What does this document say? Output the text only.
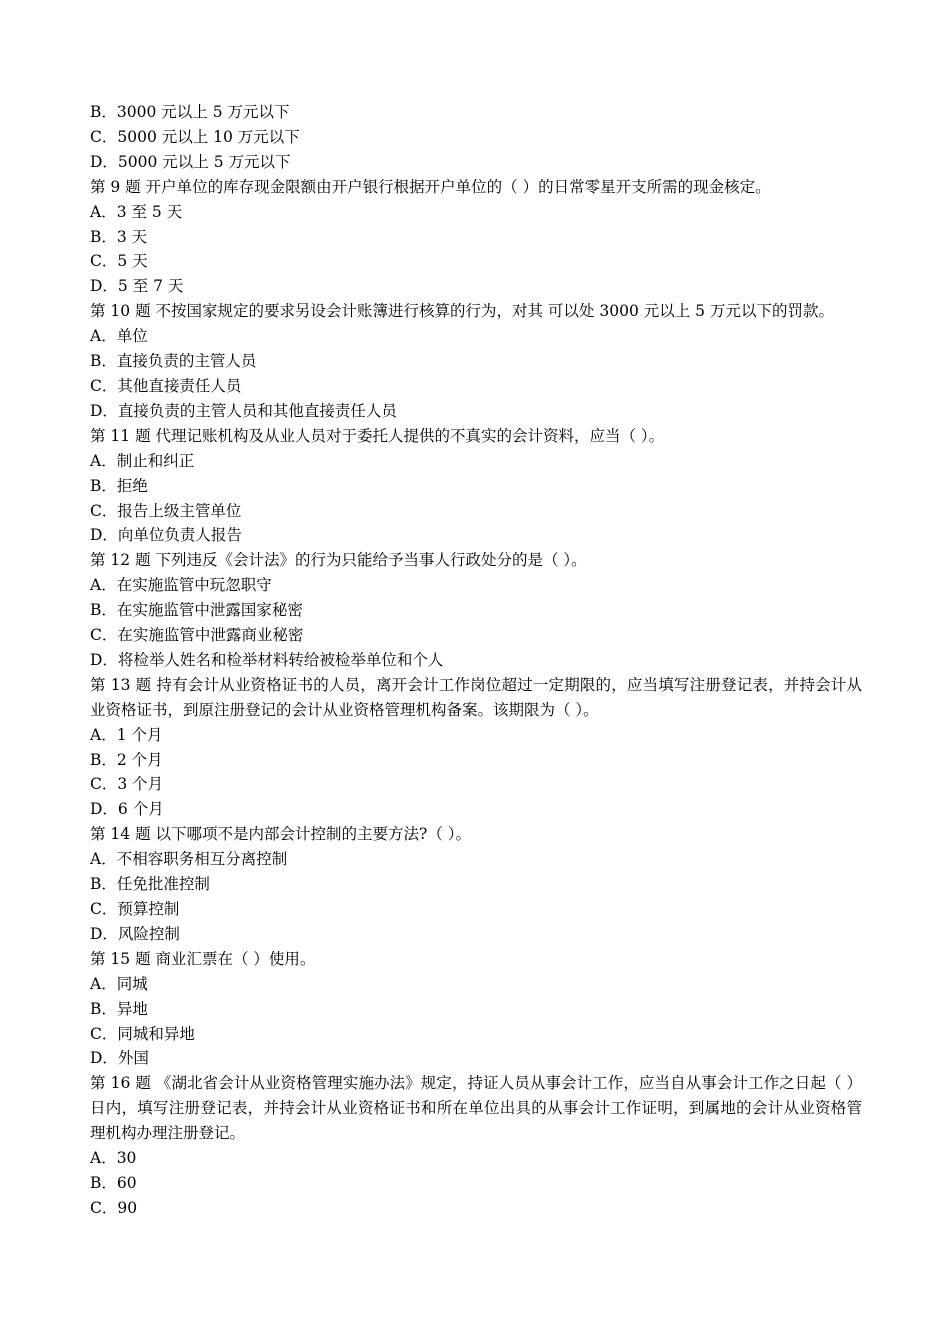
B．3000 元以上 5 万元以下

C．5000 元以上 10 万元以下

D．5000 元以上 5 万元以下

第 9 题 开户单位的库存现金限额由开户银行根据开户单位的（ ）的日常零星开支所需的现金核定。

A．3 至 5 天

B．3 天

C．5 天

D．5 至 7 天

第 10 题 不按国家规定的要求另设会计账簿进行核算的行为，对其 可以处 3000 元以上 5 万元以下的罚款。

A．单位

B．直接负责的主管人员

C．其他直接责任人员

D．直接负责的主管人员和其他直接责任人员

第 11 题 代理记账机构及从业人员对于委托人提供的不真实的会计资料，应当（ ）。

A．制止和纠正

B．拒绝

C．报告上级主管单位

D．向单位负责人报告

第 12 题 下列违反《会计法》的行为只能给予当事人行政处分的是（ ）。

A．在实施监管中玩忽职守

B．在实施监管中泄露国家秘密

C．在实施监管中泄露商业秘密

D．将检举人姓名和检举材料转给被检举单位和个人

第 13 题 持有会计从业资格证书的人员，离开会计工作岗位超过一定期限的，应当填写注册登记表，并持会计从业资格证书，到原注册登记的会计从业资格管理机构备案。该期限为（ ）。

A．1 个月

B．2 个月

C．3 个月

D．6 个月

第 14 题 以下哪项不是内部会计控制的主要方法?（ ）。

A．不相容职务相互分离控制

B．任免批准控制

C．预算控制

D．风险控制

第 15 题 商业汇票在（ ）使用。

A．同城

B．异地

C．同城和异地

D．外国

第 16 题 《湖北省会计从业资格管理实施办法》规定，持证人员从事会计工作，应当自从事会计工作之日起（ ）日内，填写注册登记表，并持会计从业资格证书和所在单位出具的从事会计工作证明，到属地的会计从业资格管理机构办理注册登记。

A．30

B．60

C．90
